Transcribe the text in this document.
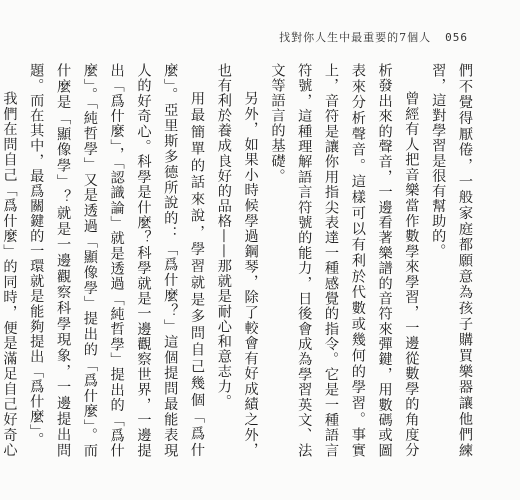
找對你人生中最重要的7個人 056

們不覺得厭倦，一般家庭都願意為孩子購買樂器讓他們練習，這對學習是很有幫助的。

曾經有人把音樂當作數學來學習，一邊從數學的角度分析發出來的聲音，一邊看著樂譜的音符來彈鍵，用數碼或圖表來分析聲音。這樣可以有利於代數或幾何的學習。事實上，音符是讓你用指尖表達一種感覺的指令。它是一種語言符號，這種理解語言符號的能力，日後會成為學習英文、法文等語言的基礎。

另外，如果小時候學過鋼琴，除了較會有好成績之外，也有利於養成良好的品格——那就是耐心和意志力。

用最簡單的話來說，學習就是多問自己幾個「爲什麼」。亞里斯多德所說的：「爲什麼？」這個提問最能表現人的好奇心。科學是什麼？科學就是一邊觀察世界，一邊提出「爲什麼」，「認識論」就是透過「純哲學」提出的「爲什麼」。「純哲學」又是透過「顯像學」提出的「爲什麼」。而什麼是「顯像學」？就是一邊觀察科學現象，一邊提出問題。而在其中，最爲關鍵的一環就是能夠提出「爲什麼」。

我們在問自己「爲什麼」的同時，便是滿足自己好奇心
